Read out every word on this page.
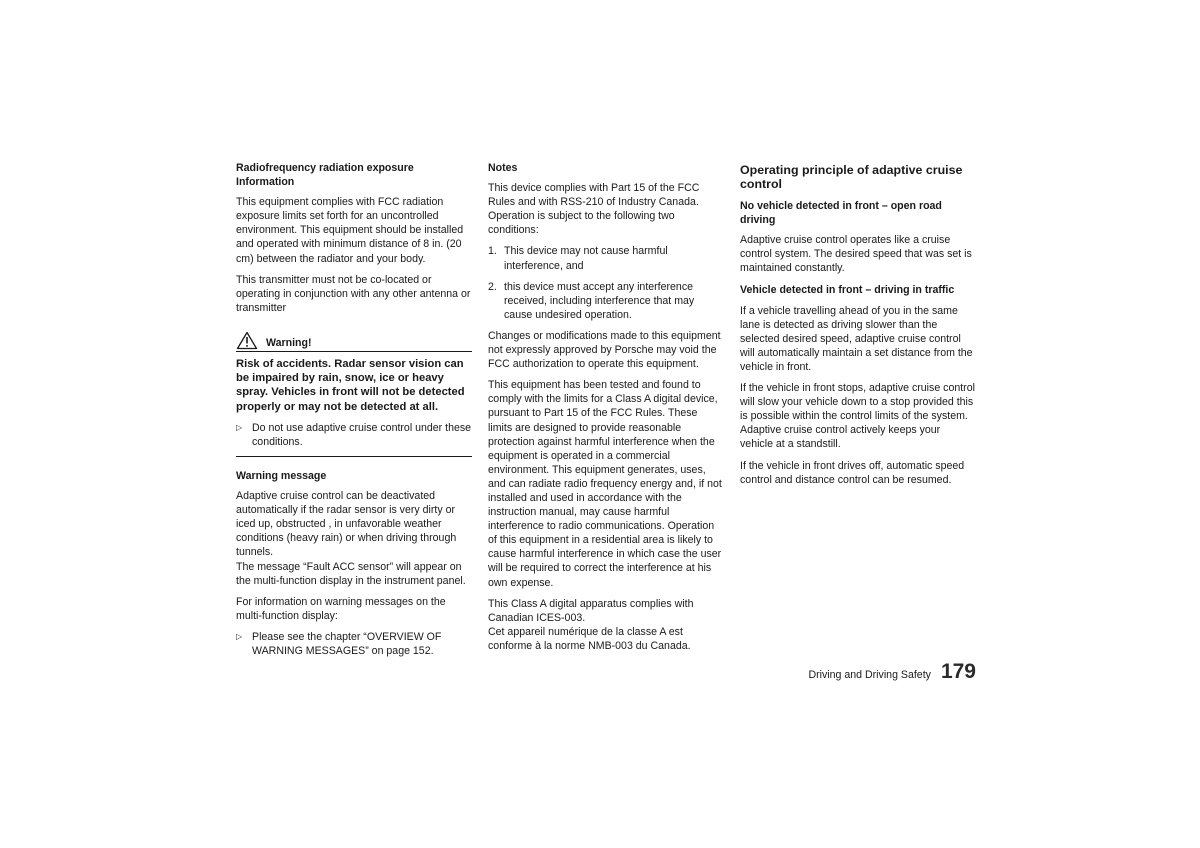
Radiofrequency radiation exposure Information

This equipment complies with FCC radiation exposure limits set forth for an uncontrolled environment. This equipment should be installed and operated with minimum distance of 8 in. (20 cm) between the radiator and your body.

This transmitter must not be co-located or operating in conjunction with any other antenna or transmitter

Warning!

Risk of accidents. Radar sensor vision can be impaired by rain, snow, ice or heavy spray. Vehicles in front will not be detected properly or may not be detected at all.

▷ Do not use adaptive cruise control under these conditions.

Warning message

Adaptive cruise control can be deactivated automatically if the radar sensor is very dirty or iced up, obstructed , in unfavorable weather conditions (heavy rain) or when driving through tunnels.

The message “Fault ACC sensor” will appear on the multi-function display in the instrument panel.

For information on warning messages on the multi-function display:

▷ Please see the chapter “OVERVIEW OF WARNING MESSAGES” on page 152.

Notes

This device complies with Part 15 of the FCC Rules and with RSS-210 of Industry Canada. Operation is subject to the following two conditions:

1. This device may not cause harmful interference, and
2. this device must accept any interference received, including interference that may cause undesired operation.

Changes or modifications made to this equipment not expressly approved by Porsche may void the FCC authorization to operate this equipment.

This equipment has been tested and found to comply with the limits for a Class A digital device, pursuant to Part 15 of the FCC Rules. These limits are designed to provide reasonable protection against harmful interference when the equipment is operated in a commercial environment. This equipment generates, uses, and can radiate radio frequency energy and, if not installed and used in accordance with the instruction manual, may cause harmful interference to radio communications. Operation of this equipment in a residential area is likely to cause harmful interference in which case the user will be required to correct the interference at his own expense.

This Class A digital apparatus complies with Canadian ICES-003.

Cet appareil numérique de la classe A est conforme à la norme NMB-003 du Canada.

Operating principle of adaptive cruise control

No vehicle detected in front – open road driving

Adaptive cruise control operates like a cruise control system. The desired speed that was set is maintained constantly.

Vehicle detected in front – driving in traffic

If a vehicle travelling ahead of you in the same lane is detected as driving slower than the selected desired speed, adaptive cruise control will automatically maintain a set distance from the vehicle in front.

If the vehicle in front stops, adaptive cruise control will slow your vehicle down to a stop provided this is possible within the control limits of the system. Adaptive cruise control actively keeps your vehicle at a standstill.

If the vehicle in front drives off, automatic speed control and distance control can be resumed.

Driving and Driving Safety 179
